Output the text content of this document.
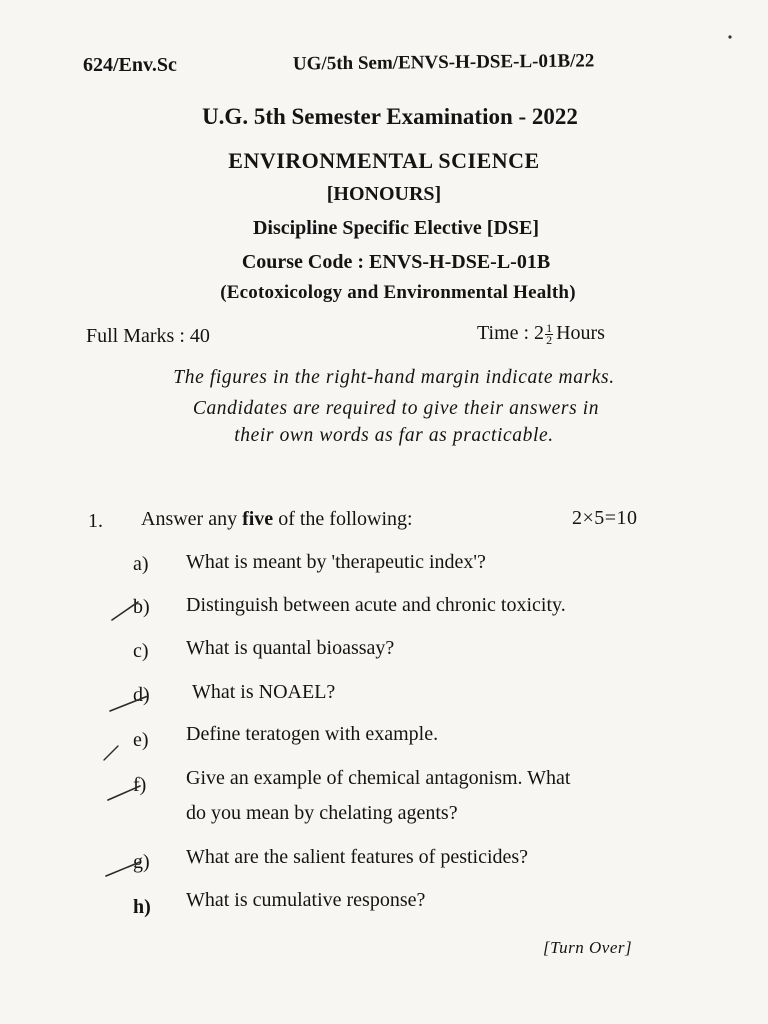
624/Env.Sc	UG/5th Sem/ENVS-H-DSE-L-01B/22
U.G. 5th Semester Examination - 2022
ENVIRONMENTAL SCIENCE
[HONOURS]
Discipline Specific Elective [DSE]
Course Code : ENVS-H-DSE-L-01B
(Ecotoxicology and Environmental Health)
Full Marks : 40	Time : $2 \frac{1}{2}$ Hours
The figures in the right-hand margin indicate marks.
Candidates are required to give their answers in
their own words as far as practicable.
1. Answer any five of the following:	2×5=10
a)	What is meant by 'therapeutic index'?
b)	Distinguish between acute and chronic toxicity.
c)	What is quantal bioassay?
d)	What is NOAEL?
e)	Define teratogen with example.
f)	Give an example of chemical antagonism. What
do you mean by chelating agents?
g)	What are the salient features of pesticides?
h)	What is cumulative response?
[Turn Over]
